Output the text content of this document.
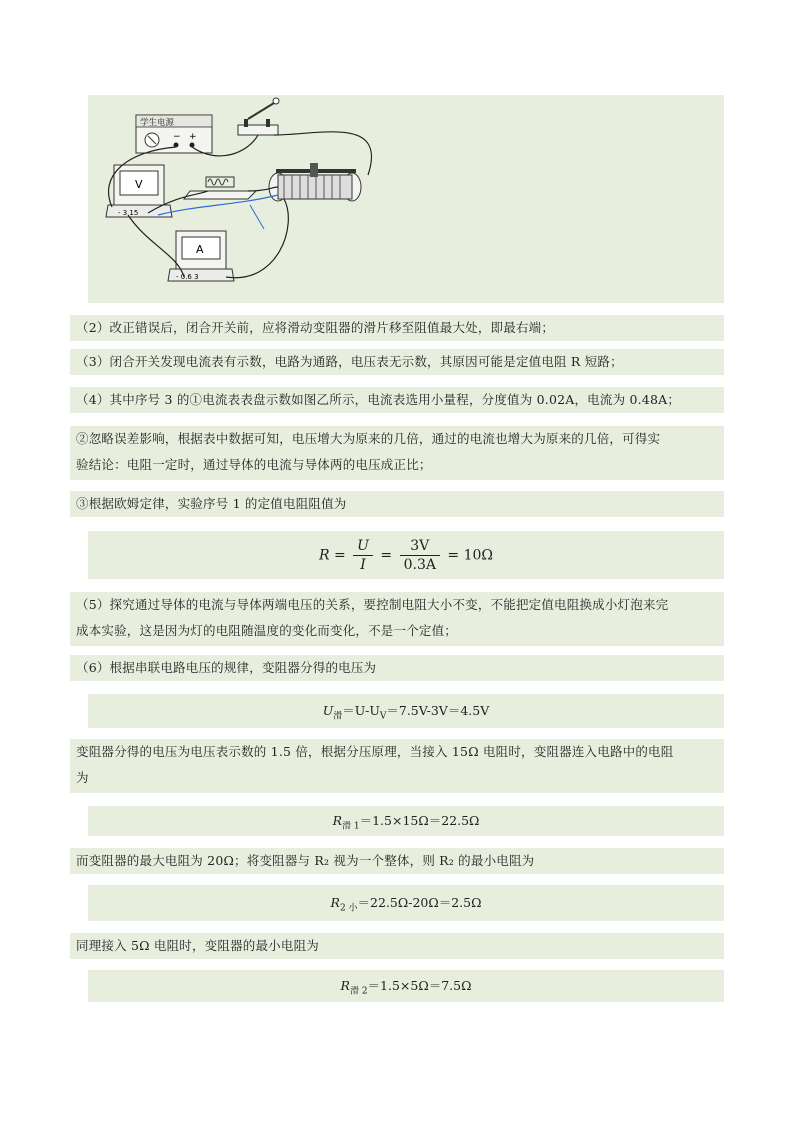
学生电源
− +
V
- 3 15
A
- 0.6 3
（2）改正错误后，闭合开关前，应将滑动变阻器的滑片移至阻值最大处，即最右端；
（3）闭合开关发现电流表有示数，电路为通路，电压表无示数，其原因可能是定值电阻 R 短路；
（4）其中序号 3 的①电流表表盘示数如图乙所示，电流表选用小量程，分度值为 0.02A，电流为 0.48A；
②忽略误差影响，根据表中数据可知，电压增大为原来的几倍，通过的电流也增大为原来的几倍，可得实
验结论：电阻一定时，通过导体的电流与导体两的电压成正比；
③根据欧姆定律，实验序号 1 的定值电阻阻值为
$R = \frac{U}{I} = \frac{3V}{0.3A} = 10\Omega$
（5）探究通过导体的电流与导体两端电压的关系，要控制电阻大小不变，不能把定值电阻换成小灯泡来完
成本实验，这是因为灯的电阻随温度的变化而变化，不是一个定值；
（6）根据串联电路电压的规律，变阻器分得的电压为
$U_滑=U-U_V=7.5V-3V=4.5V$
变阻器分得的电压为电压表示数的 1.5 倍，根据分压原理，当接入 15Ω 电阻时，变阻器连入电路中的电阻
为
$R_{滑 1}=1.5\times 15\Omega=22.5\Omega$
而变阻器的最大电阻为 20Ω；将变阻器与 R₂ 视为一个整体，则 R₂ 的最小电阻为
$R_{2 小}=22.5\Omega-20\Omega=2.5\Omega$
同理接入 5Ω 电阻时，变阻器的最小电阻为
$R_{滑 2}=1.5\times 5\Omega=7.5\Omega$
